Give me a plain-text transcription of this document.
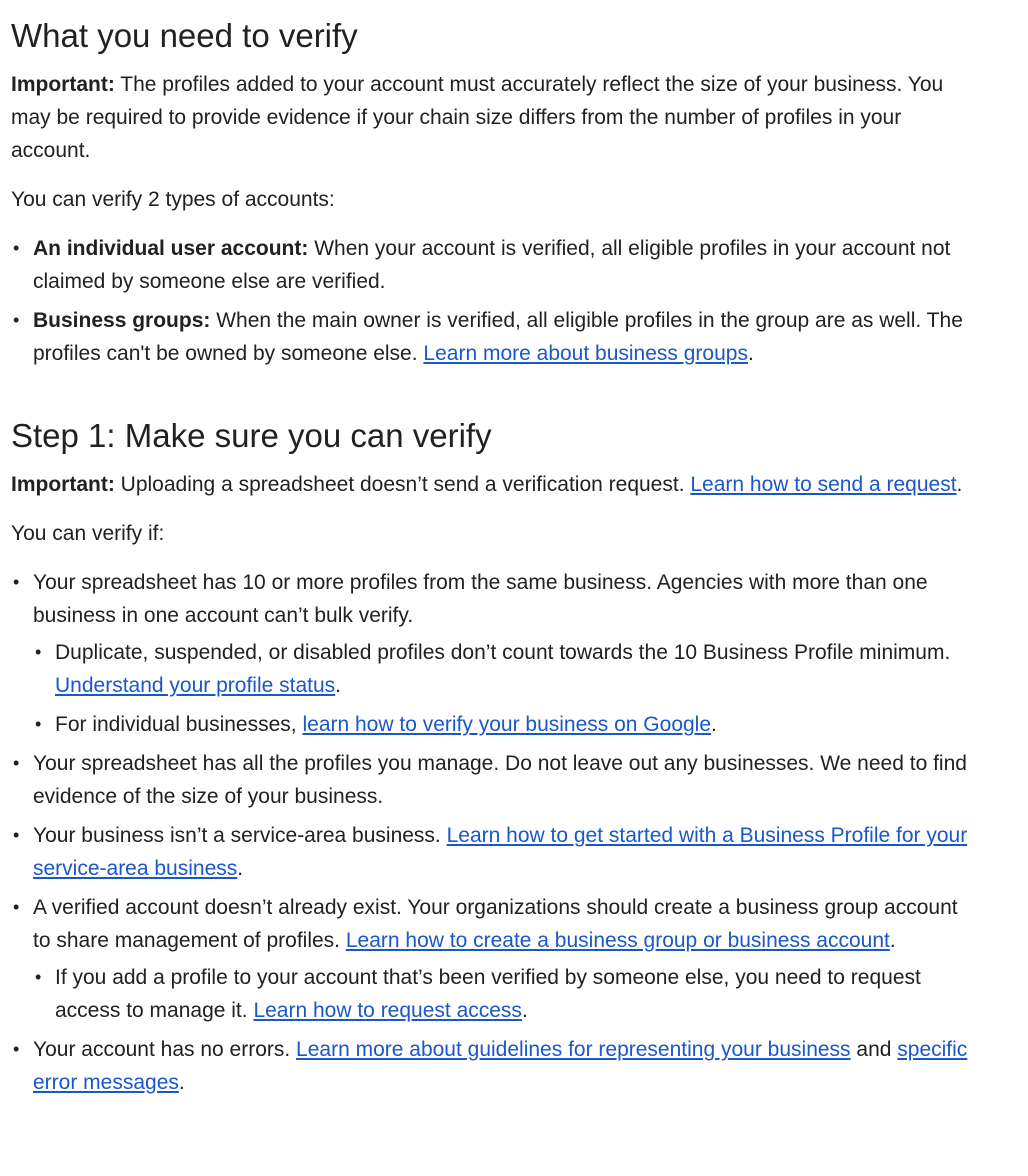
What you need to verify

Important: The profiles added to your account must accurately reflect the size of your business. You may be required to provide evidence if your chain size differs from the number of profiles in your account.

You can verify 2 types of accounts:

• An individual user account: When your account is verified, all eligible profiles in your account not claimed by someone else are verified.
• Business groups: When the main owner is verified, all eligible profiles in the group are as well. The profiles can't be owned by someone else. Learn more about business groups.
Step 1: Make sure you can verify

Important: Uploading a spreadsheet doesn’t send a verification request. Learn how to send a request.

You can verify if:

• Your spreadsheet has 10 or more profiles from the same business. Agencies with more than one business in one account can’t bulk verify.
• Duplicate, suspended, or disabled profiles don’t count towards the 10 Business Profile minimum. Understand your profile status.
• For individual businesses, learn how to verify your business on Google.
• Your spreadsheet has all the profiles you manage. Do not leave out any businesses. We need to find evidence of the size of your business.
• Your business isn’t a service-area business. Learn how to get started with a Business Profile for your service-area business.
• A verified account doesn’t already exist. Your organizations should create a business group account to share management of profiles. Learn how to create a business group or business account.
• If you add a profile to your account that’s been verified by someone else, you need to request access to manage it. Learn how to request access.
• Your account has no errors. Learn more about guidelines for representing your business and specific error messages.
